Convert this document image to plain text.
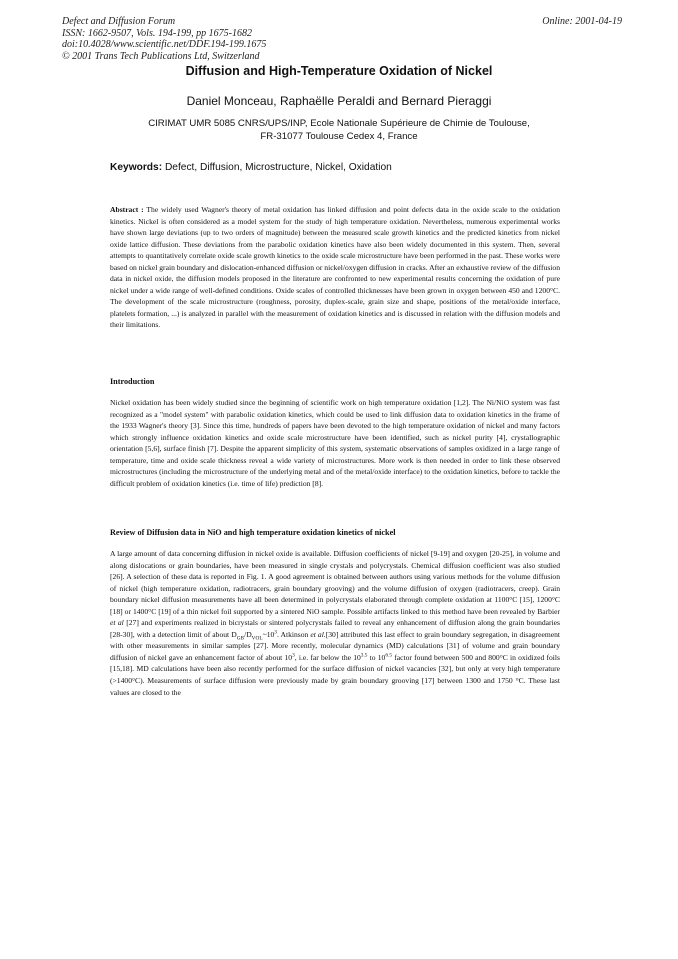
Defect and Diffusion Forum
ISSN: 1662-9507, Vols. 194-199, pp 1675-1682
doi:10.4028/www.scientific.net/DDF.194-199.1675
© 2001 Trans Tech Publications Ltd, Switzerland
Online: 2001-04-19
Diffusion and High-Temperature Oxidation of Nickel
Daniel Monceau, Raphaëlle Peraldi and Bernard Pieraggi
CIRIMAT UMR 5085 CNRS/UPS/INP, Ecole Nationale Supérieure de Chimie de Toulouse,
FR-31077 Toulouse Cedex 4, France
Keywords: Defect, Diffusion, Microstructure, Nickel, Oxidation
Abstract : The widely used Wagner's theory of metal oxidation has linked diffusion and point defects data in the oxide scale to the oxidation kinetics. Nickel is often considered as a model system for the study of high temperature oxidation. Nevertheless, numerous experimental works have shown large deviations (up to two orders of magnitude) between the measured scale growth kinetics and the predicted kinetics from nickel oxide lattice diffusion. These deviations from the parabolic oxidation kinetics have also been widely documented in this system. Then, several attempts to quantitatively correlate oxide scale growth kinetics to the oxide scale microstructure have been performed in the past. These works were based on nickel grain boundary and dislocation-enhanced diffusion or nickel/oxygen diffusion in cracks. After an exhaustive review of the diffusion data in nickel oxide, the diffusion models proposed in the literature are confronted to new experimental results concerning the oxidation of pure nickel under a wide range of well-defined conditions. Oxide scales of controlled thicknesses have been grown in oxygen between 450 and 1200°C. The development of the scale microstructure (roughness, porosity, duplex-scale, grain size and shape, positions of the metal/oxide interface, platelets formation, ...) is analyzed in parallel with the measurement of oxidation kinetics and is discussed in relation with the diffusion models and their limitations.
Introduction
Nickel oxidation has been widely studied since the beginning of scientific work on high temperature oxidation [1,2]. The Ni/NiO system was fast recognized as a "model system" with parabolic oxidation kinetics, which could be used to link diffusion data to oxidation kinetics in the frame of the 1933 Wagner's theory [3]. Since this time, hundreds of papers have been devoted to the high temperature oxidation of nickel and many factors which strongly influence oxidation kinetics and oxide scale microstructure have been identified, such as nickel purity [4], crystallographic orientation [5,6], surface finish [7]. Despite the apparent simplicity of this system, systematic observations of samples oxidized in a large range of temperature, time and oxide scale thickness reveal a wide variety of microstructures. More work is then needed in order to link these observed microstructures (including the microstructure of the underlying metal and of the metal/oxide interface) to the oxidation kinetics, before to tackle the difficult problem of oxidation kinetics (i.e. time of life) prediction [8].
Review of Diffusion data in NiO and high temperature oxidation kinetics of nickel
A large amount of data concerning diffusion in nickel oxide is available. Diffusion coefficients of nickel [9-19] and oxygen [20-25], in volume and along dislocations or grain boundaries, have been measured in single crystals and polycrystals. Chemical diffusion coefficient was also studied [26]. A selection of these data is reported in Fig. 1. A good agreement is obtained between authors using various methods for the volume diffusion of nickel (high temperature oxidation, radiotracers, grain boundary grooving) and the volume diffusion of oxygen (radiotracers, creep). Grain boundary nickel diffusion measurements have all been determined in polycrystals elaborated through complete oxidation at 1100°C [15], 1200°C [18] or 1400°C [19] of a thin nickel foil supported by a sintered NiO sample. Possible artifacts linked to this method have been revealed by Barbier et al [27] and experiments realized in bicrystals or sintered polycrystals failed to reveal any enhancement of diffusion along the grain boundaries [28-30], with a detection limit of about $D_{GB}/D_{VOL}\sim 10^3$. Atkinson et al.[30] attributed this last effect to grain boundary segregation, in disagreement with other measurements in similar samples [27]. More recently, molecular dynamics (MD) calculations [31] of volume and grain boundary diffusion of nickel gave an enhancement factor of about $10^3$, i.e. far below the $10^{3.5}$ to $10^{6.5}$ factor found between 500 and 800°C in oxidized foils [15,18]. MD calculations have been also recently performed for the surface diffusion of nickel vacancies [32], but only at very high temperature (>1400°C). Measurements of surface diffusion were previously made by grain boundary grooving [17] between 1300 and 1750 °C. These last values are closed to the
